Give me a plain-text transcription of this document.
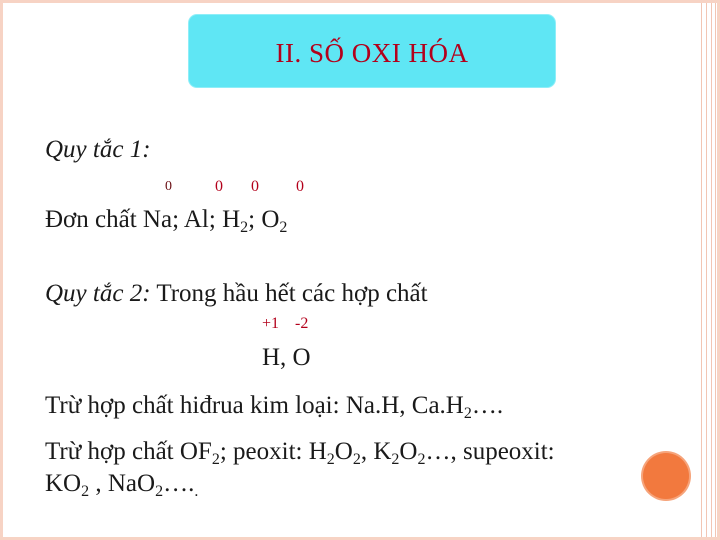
II. SỐ OXI HÓA
Quy tắc 1:
0	0 0 0
Đơn chất Na; Al; $H_2$; $O_2$
Quy tắc 2: Trong hầu hết các hợp chất
+1 -2
H, O
Trừ hợp chất hiđrua kim loại: Na.H, $Ca.H_2\dots$.
Trừ hợp chất $OF_2$; peoxit: $H_2O_2$, $K_2O_2\dots$, supeoxit:
$KO_2$ , $NaO_2\dots._.$
